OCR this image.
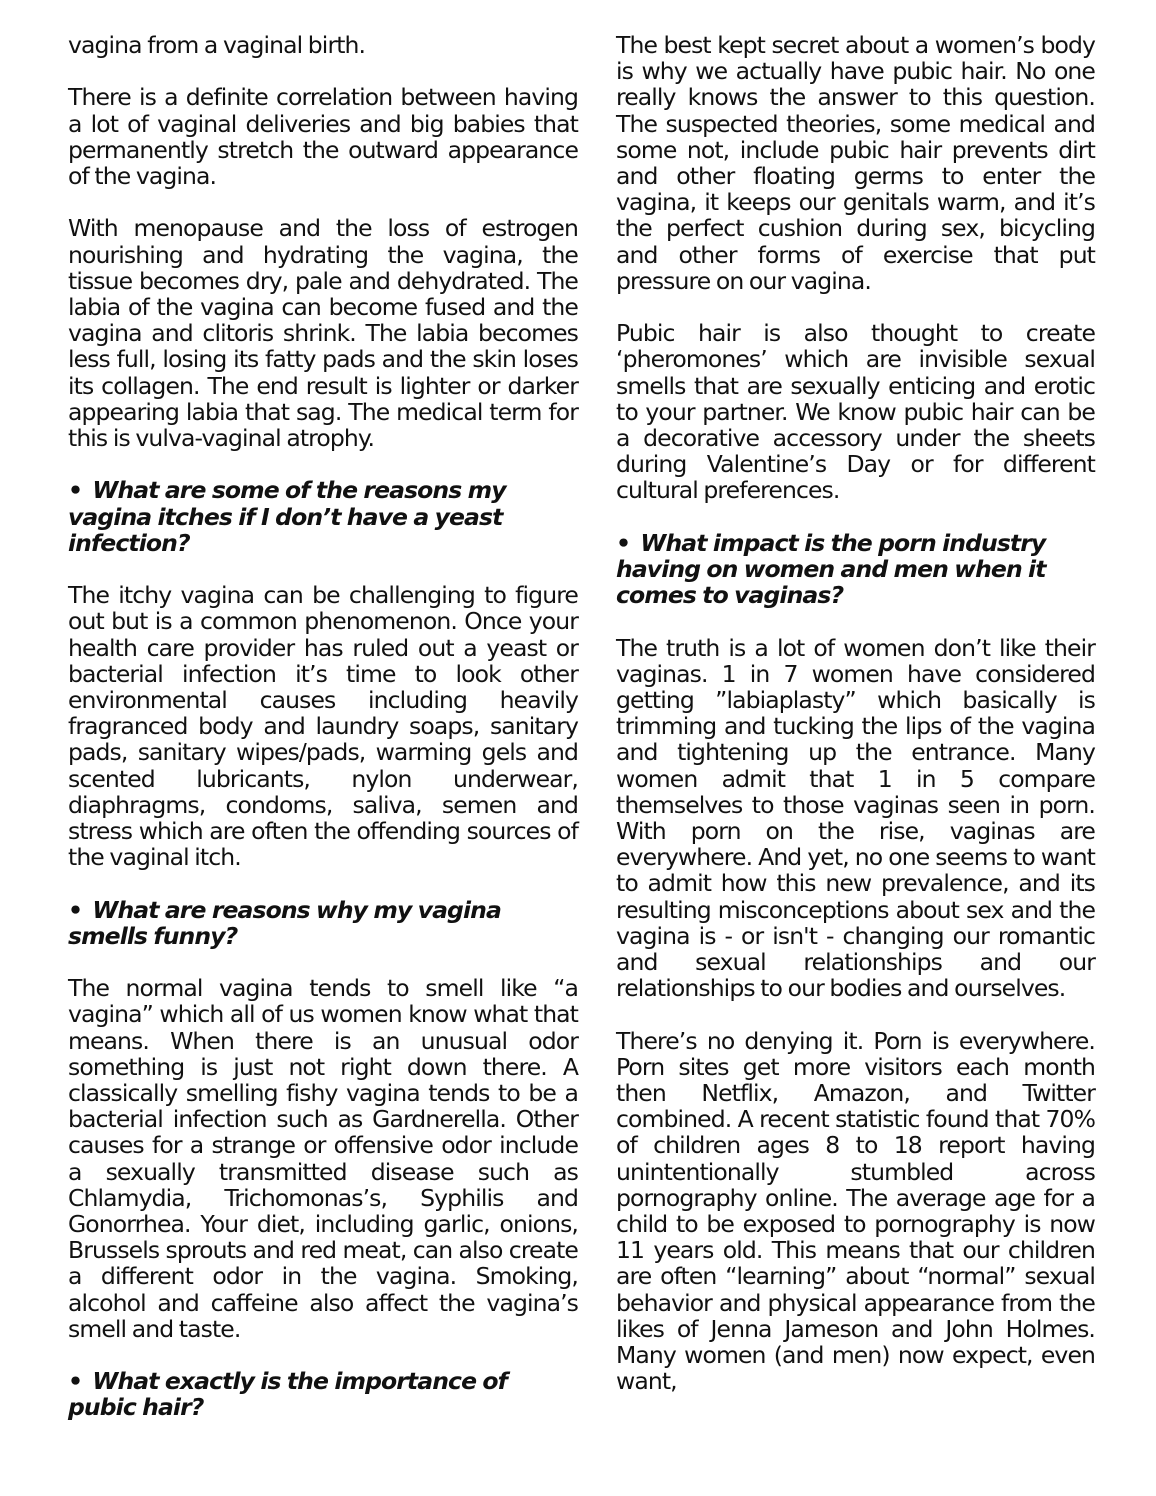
vagina from a vaginal birth.

There is a definite correlation between having a lot of vaginal deliveries and big babies that permanently stretch the outward appearance of the vagina.

With menopause and the loss of estrogen nourishing and hydrating the vagina, the tissue becomes dry, pale and dehydrated. The labia of the vagina can become fused and the vagina and clitoris shrink. The labia becomes less full, losing its fatty pads and the skin loses its collagen. The end result is lighter or darker appearing labia that sag. The medical term for this is vulva-vaginal atrophy.

• What are some of the reasons my vagina itches if I don’t have a yeast infection?

The itchy vagina can be challenging to figure out but is a common phenomenon. Once your health care provider has ruled out a yeast or bacterial infection it’s time to look other environmental causes including heavily fragranced body and laundry soaps, sanitary pads, sanitary wipes/pads, warming gels and scented lubricants, nylon underwear, diaphragms, condoms, saliva, semen and stress which are often the offending sources of the vaginal itch.

• What are reasons why my vagina smells funny?

The normal vagina tends to smell like “a vagina” which all of us women know what that means. When there is an unusual odor something is just not right down there. A classically smelling fishy vagina tends to be a bacterial infection such as Gardnerella. Other causes for a strange or offensive odor include a sexually transmitted disease such as Chlamydia, Trichomonas’s, Syphilis and Gonorrhea. Your diet, including garlic, onions, Brussels sprouts and red meat, can also create a different odor in the vagina. Smoking, alcohol and caffeine also affect the vagina’s smell and taste.

• What exactly is the importance of pubic hair?

The best kept secret about a women’s body is why we actually have pubic hair. No one really knows the answer to this question. The suspected theories, some medical and some not, include pubic hair prevents dirt and other floating germs to enter the vagina, it keeps our genitals warm, and it’s the perfect cushion during sex, bicycling and other forms of exercise that put pressure on our vagina.

Pubic hair is also thought to create ‘pheromones’ which are invisible sexual smells that are sexually enticing and erotic to your partner. We know pubic hair can be a decorative accessory under the sheets during Valentine’s Day or for different cultural preferences.

• What impact is the porn industry having on women and men when it comes to vaginas?

The truth is a lot of women don’t like their vaginas. 1 in 7 women have considered getting ”labiaplasty” which basically is trimming and tucking the lips of the vagina and tightening up the entrance. Many women admit that 1 in 5 compare themselves to those vaginas seen in porn. With porn on the rise, vaginas are everywhere. And yet, no one seems to want to admit how this new prevalence, and its resulting misconceptions about sex and the vagina is - or isn't - changing our romantic and sexual relationships and our relationships to our bodies and ourselves.

There’s no denying it. Porn is everywhere. Porn sites get more visitors each month then Netflix, Amazon, and Twitter combined. A recent statistic found that 70% of children ages 8 to 18 report having unintentionally stumbled across pornography online. The average age for a child to be exposed to pornography is now 11 years old. This means that our children are often “learning” about “normal” sexual behavior and physical appearance from the likes of Jenna Jameson and John Holmes. Many women (and men) now expect, even want,
